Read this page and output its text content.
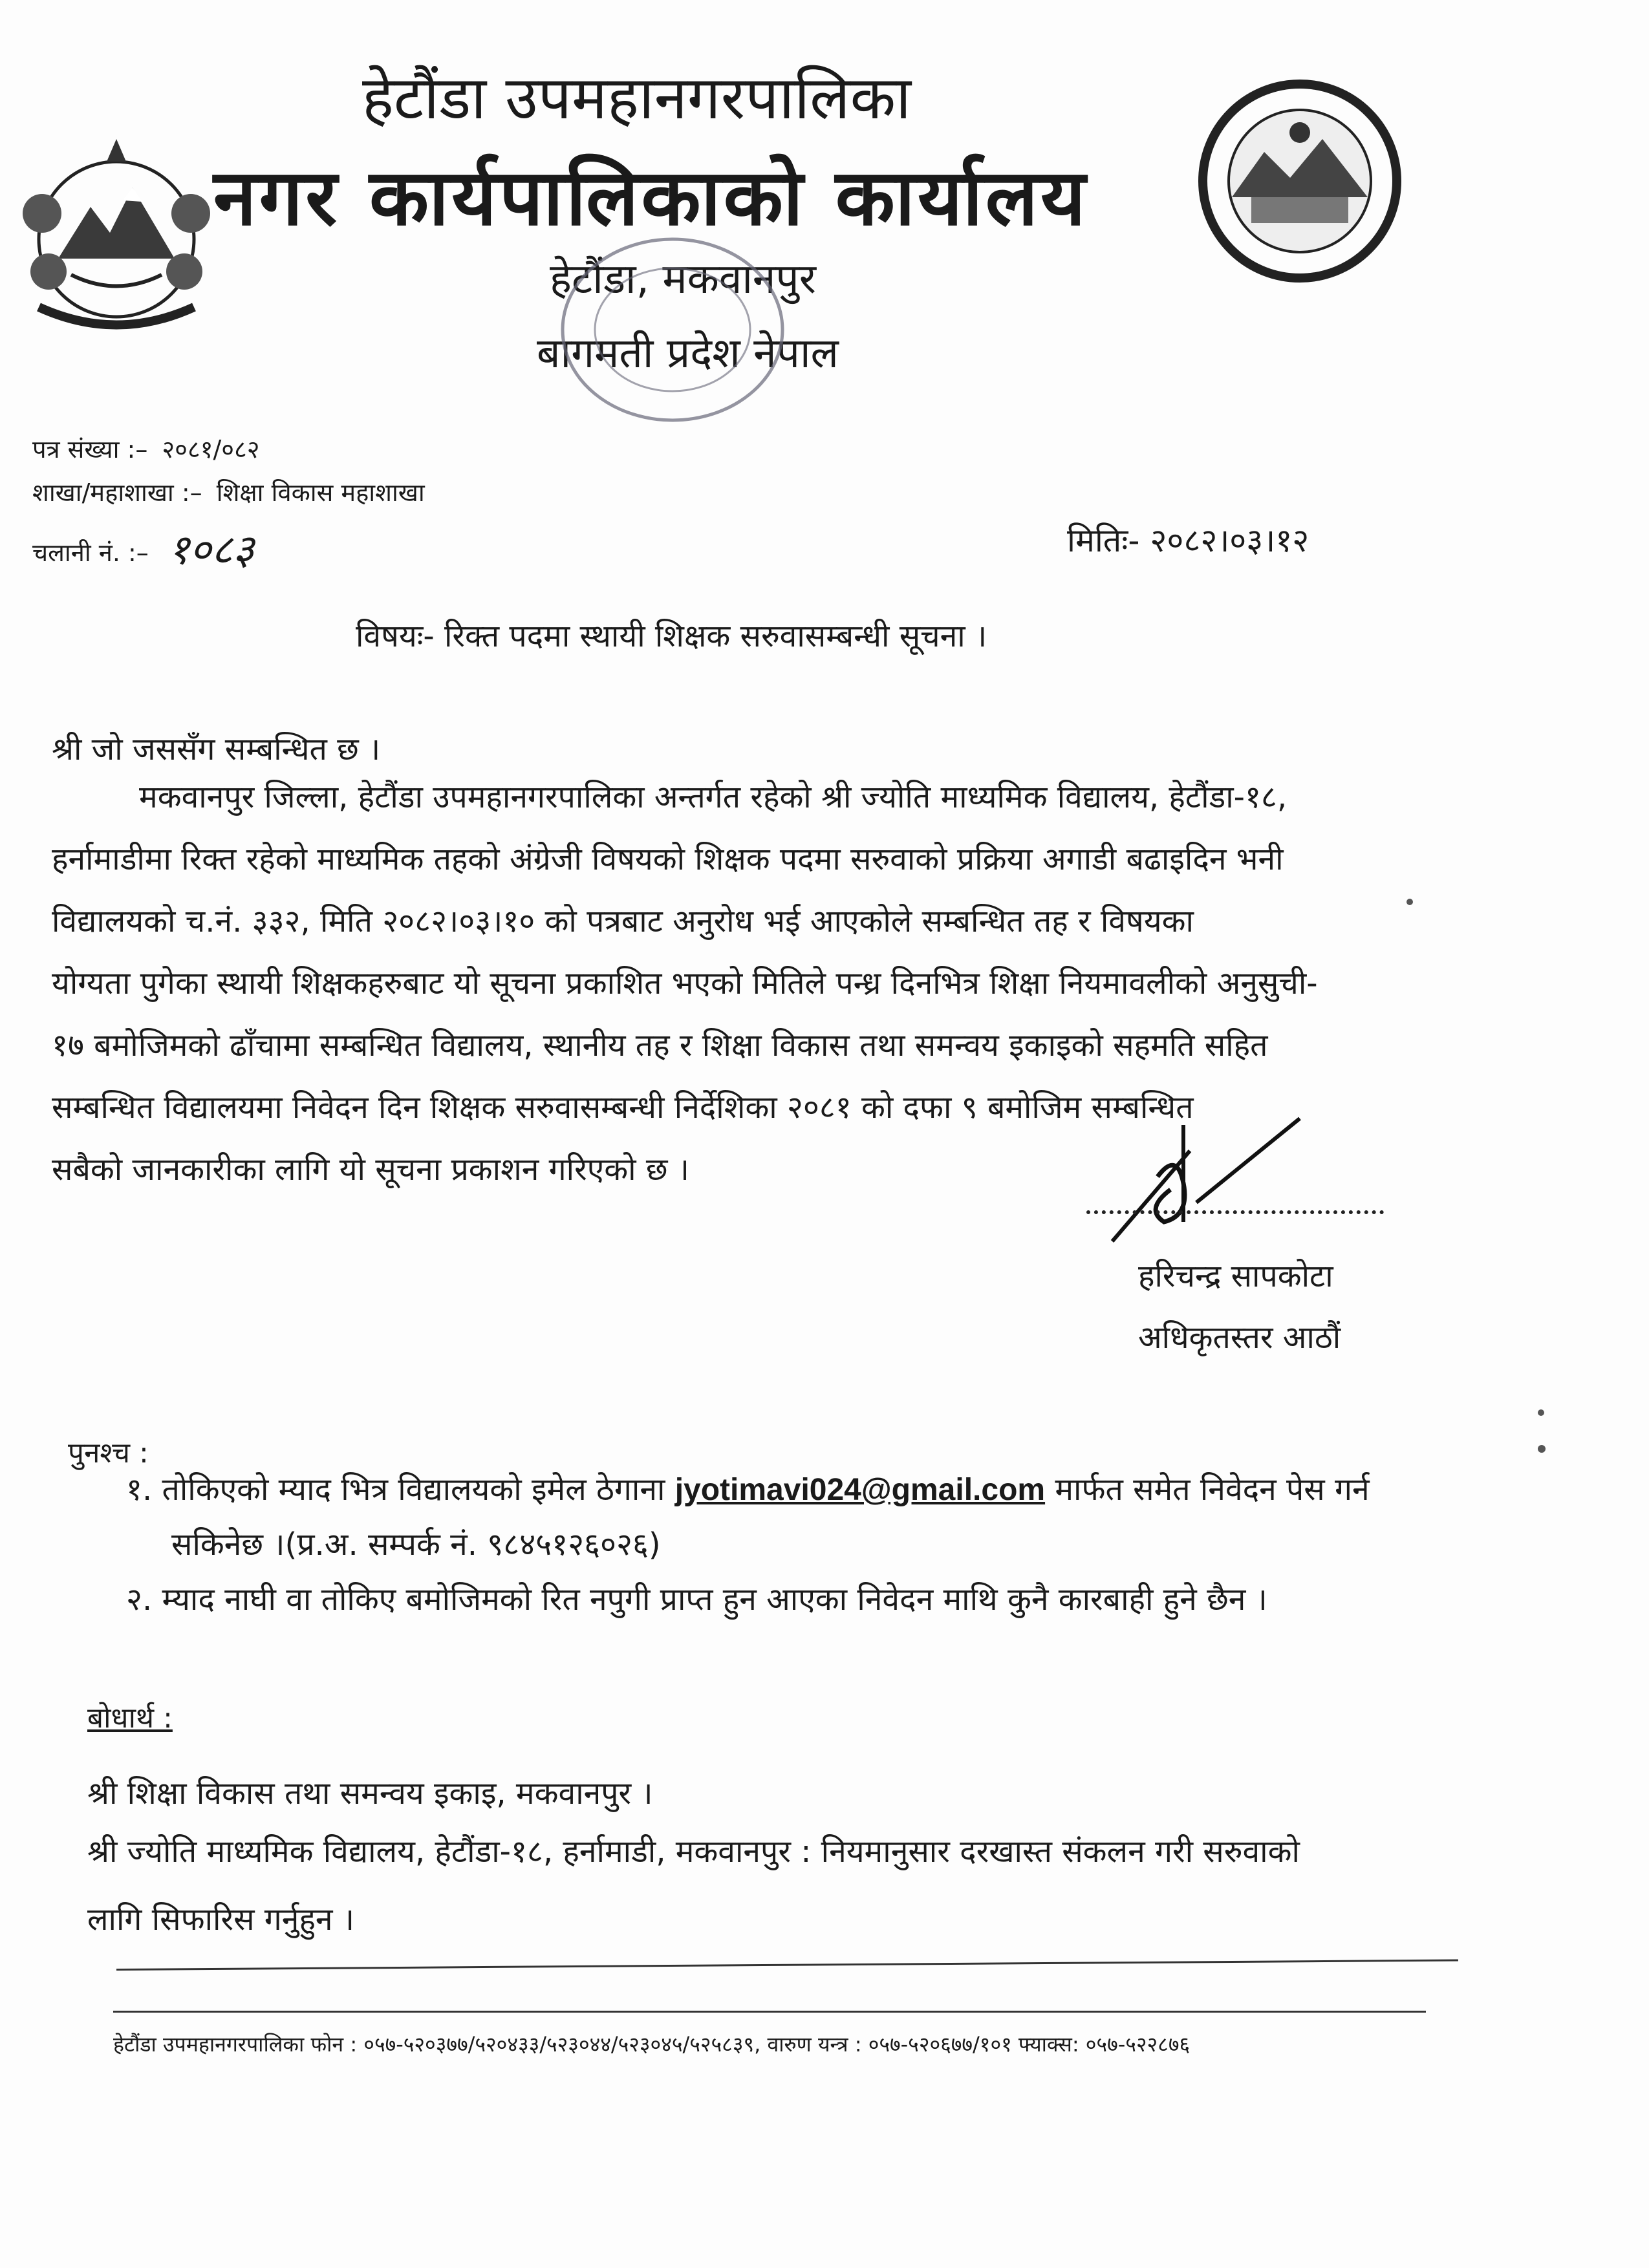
हेटौंडा उपमहानगरपालिका
नगर कार्यपालिकाको कार्यालय
हेटौंडा, मकवानपुर
बागमती प्रदेश नेपाल
पत्र संख्या :– २०८१/०८२
शाखा/महाशाखा :– शिक्षा विकास महाशाखा
चलानी नं. :– १०८३	मितिः- २०८२।०३।१२
विषयः- रिक्त पदमा स्थायी शिक्षक सरुवासम्बन्धी सूचना ।
श्री जो जससँग सम्बन्धित छ ।
मकवानपुर जिल्ला, हेटौंडा उपमहानगरपालिका अन्तर्गत रहेको श्री ज्योति माध्यमिक विद्यालय, हेटौंडा-१८,
हर्नामाडीमा रिक्त रहेको माध्यमिक तहको अंग्रेजी विषयको शिक्षक पदमा सरुवाको प्रक्रिया अगाडी बढाइदिन भनी
विद्यालयको च.नं. ३३२, मिति २०८२।०३।१० को पत्रबाट अनुरोध भई आएकोले सम्बन्धित तह र विषयका
योग्यता पुगेका स्थायी शिक्षकहरुबाट यो सूचना प्रकाशित भएको मितिले पन्ध्र दिनभित्र शिक्षा नियमावलीको अनुसुची-
१७ बमोजिमको ढाँचामा सम्बन्धित विद्यालय, स्थानीय तह र शिक्षा विकास तथा समन्वय इकाइको सहमति सहित
सम्बन्धित विद्यालयमा निवेदन दिन शिक्षक सरुवासम्बन्धी निर्देशिका २०८१ को दफा ९ बमोजिम सम्बन्धित
सबैको जानकारीका लागि यो सूचना प्रकाशन गरिएको छ ।
हरिचन्द्र सापकोटा
अधिकृतस्तर आठौं
पुनश्च :
१. तोकिएको म्याद भित्र विद्यालयको इमेल ठेगाना jyotimavi024@gmail.com मार्फत समेत निवेदन पेस गर्न
सकिनेछ ।(प्र.अ. सम्पर्क नं. ९८४५१२६०२६)
२. म्याद नाघी वा तोकिए बमोजिमको रित नपुगी प्राप्त हुन आएका निवेदन माथि कुनै कारबाही हुने छैन ।
बोधार्थ :
श्री शिक्षा विकास तथा समन्वय इकाइ, मकवानपुर ।
श्री ज्योति माध्यमिक विद्यालय, हेटौंडा-१८, हर्नामाडी, मकवानपुर : नियमानुसार दरखास्त संकलन गरी सरुवाको
लागि सिफारिस गर्नुहुन ।
हेटौंडा उपमहानगरपालिका फोन : ०५७-५२०३७७/५२०४३३/५२३०४४/५२३०४५/५२५८३९, वारुण यन्त्र : ०५७-५२०६७७/१०१ फ्याक्स: ०५७-५२२८७६
